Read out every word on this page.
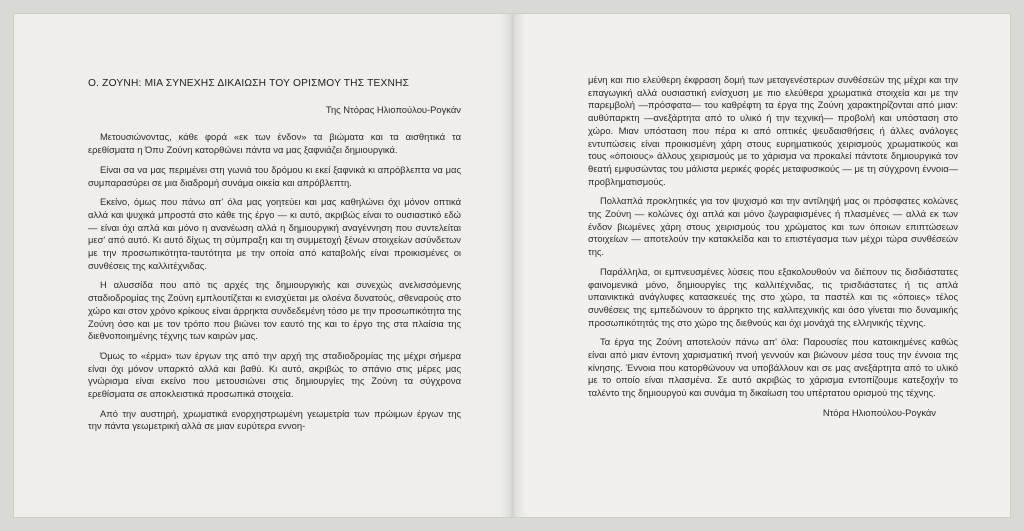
Ο. ΖΟΥΝΗ: ΜΙΑ ΣΥΝΕΧΗΣ ΔΙΚΑΙΩΣΗ ΤΟΥ ΟΡΙΣΜΟΥ ΤΗΣ ΤΕΧΝΗΣ
Της Ντόρας Ηλιοπούλου-Ρογκάν

Μετουσιώνοντας, κάθε φορά «εκ των ένδον» τα βιώματα και τα αισθητικά τα ερεθίσματα η Όπυ Ζούνη κατορθώνει πάντα να μας ξαφνιάζει δημιουργικά.

Είναι σα να μας περιμένει στη γωνιά του δρόμου κι εκεί ξαφνικά κι απρόβλεπτα να μας συμπαρασύρει σε μια διαδρομή συνάμα οικεία και απρόβλεπτη.

Εκείνο, όμως που πάνω απ' όλα μας γοητεύει και μας καθηλώνει όχι μόνον οπτικά αλλά και ψυχικά μπροστά στο κάθε της έργο — κι αυτό, ακριβώς είναι το ουσιαστικό εδώ — είναι όχι απλά και μόνο η ανανέωση αλλά η δημιουργική αναγέννηση που συντελείται μεσ' από αυτό. Κι αυτό δίχως τη σύμπραξη και τη συμμετοχή ξένων στοιχείων ασύνδετων με την προσωπικότητα-ταυτότητα με την οποία από καταβολής είναι προικισμένες οι συνθέσεις της καλλιτέχνιδας.

Η αλυσσίδα που από τις αρχές της δημιουργικής και συνεχώς ανελισσόμενης σταδιοδρομίας της Ζούνη εμπλουτίζεται κι ενισχύεται με ολοένα δυνατούς, σθεναρούς στο χώρο και στον χρόνο κρίκους είναι άρρηκτα συνδεδεμένη τόσο με την προσωπικότητα της Ζούνη όσο και με τον τρόπο που βιώνει τον εαυτό της και το έργο της στα πλαίσια της διεθνοποιημένης τέχνης των καιρών μας.

Όμως το «έρμα» των έργων της από την αρχή της σταδιοδρομίας της μέχρι σήμερα είναι όχι μόνον υπαρκτό αλλά και βαθύ. Κι αυτό, ακριβώς το σπάνιο στις μέρες μας γνώρισμα είναι εκείνο που μετουσιώνει στις δημιουργίες της Ζούνη τα σύγχρονα ερεθίσματα σε αποκλειστικά προσωπικά στοιχεία.

Από την αυστηρή, χρωματικά ενορχηστρωμένη γεωμετρία των πρώιμων έργων της την πάντα γεωμετρική αλλά σε μιαν ευρύτερα εννοη-

μένη και πιο ελεύθερη έκφραση δομή των μεταγενέστερων συνθέσεών της μέχρι και την επαγωγική αλλά ουσιαστική ενίσχυση με πιο ελεύθερα χρωματικά στοιχεία και με την παρεμβολή —πρόσφατα— του καθρέφτη τα έργα της Ζούνη χαρακτηρίζονται από μιαν: αυθύπαρκτη —ανεξάρτητα από το υλικό ή την τεχνική— προβολή και υπόσταση στο χώρο. Μιαν υπόσταση που πέρα κι από οπτικές ψευδαισθήσεις ή άλλες ανάλογες εντυπώσεις είναι προικισμένη χάρη στους ευρηματικούς χειρισμούς χρωματικούς και τους «όποιους» άλλους χειρισμούς με το χάρισμα να προκαλεί πάντοτε δημιουργικά τον θεατή εμφυσώντας του μάλιστα μερικές φορές μεταφυσικούς — με τη σύγχρονη έννοια— προβληματισμούς.

Πολλαπλά προκλητικές για τον ψυχισμό και την αντίληψή μας οι πρόσφατες κολώνες της Ζούνη — κολώνες όχι απλά και μόνο ζωγραφισμένες ή πλασμένες — αλλά εκ των ένδον βιωμένες χάρη στους χειρισμούς του χρώματος και των όποιων επιπτώσεων στοιχείων — αποτελούν την κατακλείδα και το επιστέγασμα των μέχρι τώρα συνθέσεών της.

Παράλληλα, οι εμπνευσμένες λύσεις που εξακολουθούν να διέπουν τις δισδιάστατες φαινομενικά μόνο, δημιουργίες της καλλιτέχνιδας, τις τρισδιάστατες ή τις απλά υπαινικτικά ανάγλυφες κατασκευές της στο χώρο, τα παστέλ και τις «όποιες» τέλος συνθέσεις της εμπεδώνουν το άρρηκτο της καλλιτεχνικής και όσο γίνεται πιο δυναμικής προσωπικότητάς της στο χώρο της διεθνούς και όχι μονάχά της ελληνικής τέχνης.

Τα έργα της Ζούνη αποτελούν πάνω απ' όλα: Παρουσίες που κατοικημένες καθώς είναι από μιαν έντονη χαρισματική πνοή γεννούν και βιώνουν μέσα τους την έννοια της κίνησης. Έννοια που κατορθώνουν να υποβάλλουν και σε μας ανεξάρτητα από το υλικό με το οποίο είναι πλασμένα. Σε αυτό ακριβώς το χάρισμα εντοπίζουμε κατεξοχήν το ταλέντο της δημιουργού και συνάμα τη δικαίωση του υπέρτατου ορισμού της τέχνης.

Ντόρα Ηλιοπούλου-Ρογκάν
